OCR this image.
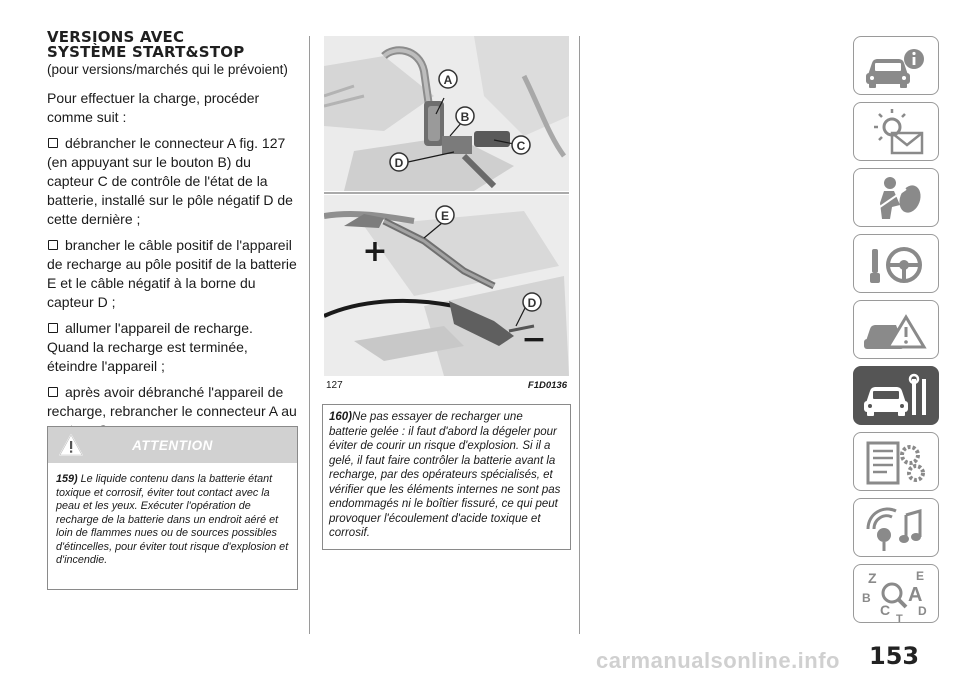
VERSIONS AVEC
SYSTÈME START&STOP
(pour versions/marchés qui le prévoient)
Pour effectuer la charge, procéder comme suit :
débrancher le connecteur A fig. 127 (en appuyant sur le bouton B) du capteur C de contrôle de l'état de la batterie, installé sur le pôle négatif D de cette dernière ;
brancher le câble positif de l'appareil de recharge au pôle positif de la batterie E et le câble négatif à la borne du capteur D ;
allumer l'appareil de recharge. Quand la recharge est terminée, éteindre l'appareil ;
après avoir débranché l'appareil de recharge, rebrancher le connecteur A au
ATTENTION
159) Le liquide contenu dans la batterie étant toxique et corrosif, éviter tout contact avec la peau et les yeux. Exécuter l'opération de recharge de la batterie dans un endroit aéré et loin de flammes nues ou de sources possibles d'étincelles, pour éviter tout risque d'explosion et d'incendie.
A
B
C
D
E
D
+
−
127	F1D0136
160)Ne pas essayer de recharger une batterie gelée : il faut d'abord la dégeler pour éviter de courir un risque d'explosion. Si il a gelé, il faut faire contrôler la batterie avant la recharge, par des opérateurs spécialisés, et vérifier que les éléments internes ne sont pas endommagés ni le boîtier fissuré, ce qui peut provoquer l'écoulement d'acide toxique et corrosif.
Z	E
B A
C D
T
153
carmanualsonline.info
